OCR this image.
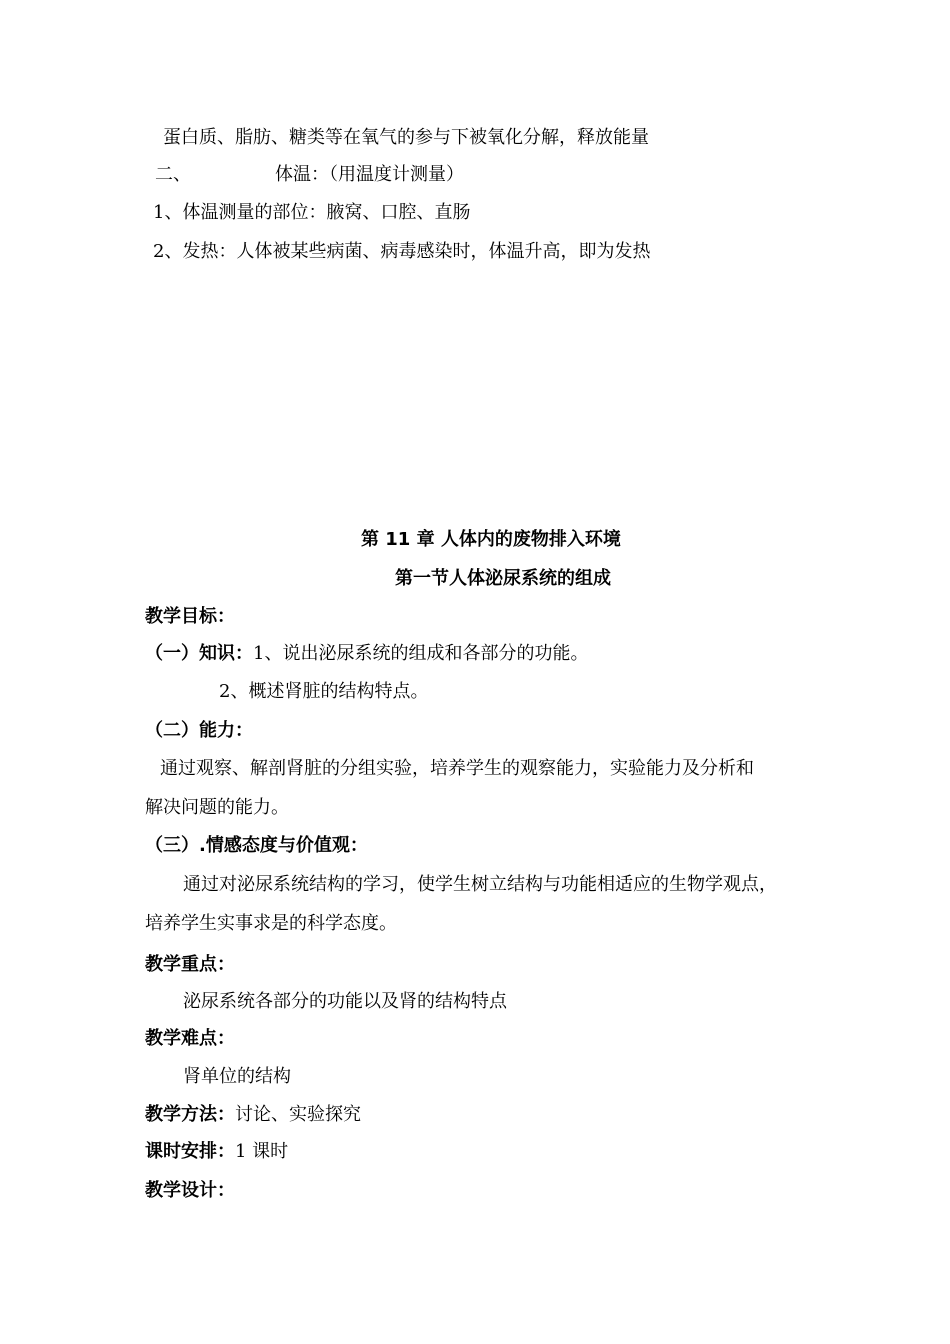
蛋白质、脂肪、糖类等在氧气的参与下被氧化分解，释放能量
二、	体温：（用温度计测量）
1、体温测量的部位：腋窝、口腔、直肠
2、发热：人体被某些病菌、病毒感染时，体温升高，即为发热
第 11 章 人体内的废物排入环境
第一节人体泌尿系统的组成
教学目标：
（一）知识：1、说出泌尿系统的组成和各部分的功能。
2、概述肾脏的结构特点。
（二）能力：
通过观察、解剖肾脏的分组实验，培养学生的观察能力，实验能力及分析和
解决问题的能力。
（三）.情感态度与价值观：
通过对泌尿系统结构的学习，使学生树立结构与功能相适应的生物学观点，
培养学生实事求是的科学态度。
教学重点：
泌尿系统各部分的功能以及肾的结构特点
教学难点：
肾单位的结构
教学方法：讨论、实验探究
课时安排：1 课时
教学设计：
